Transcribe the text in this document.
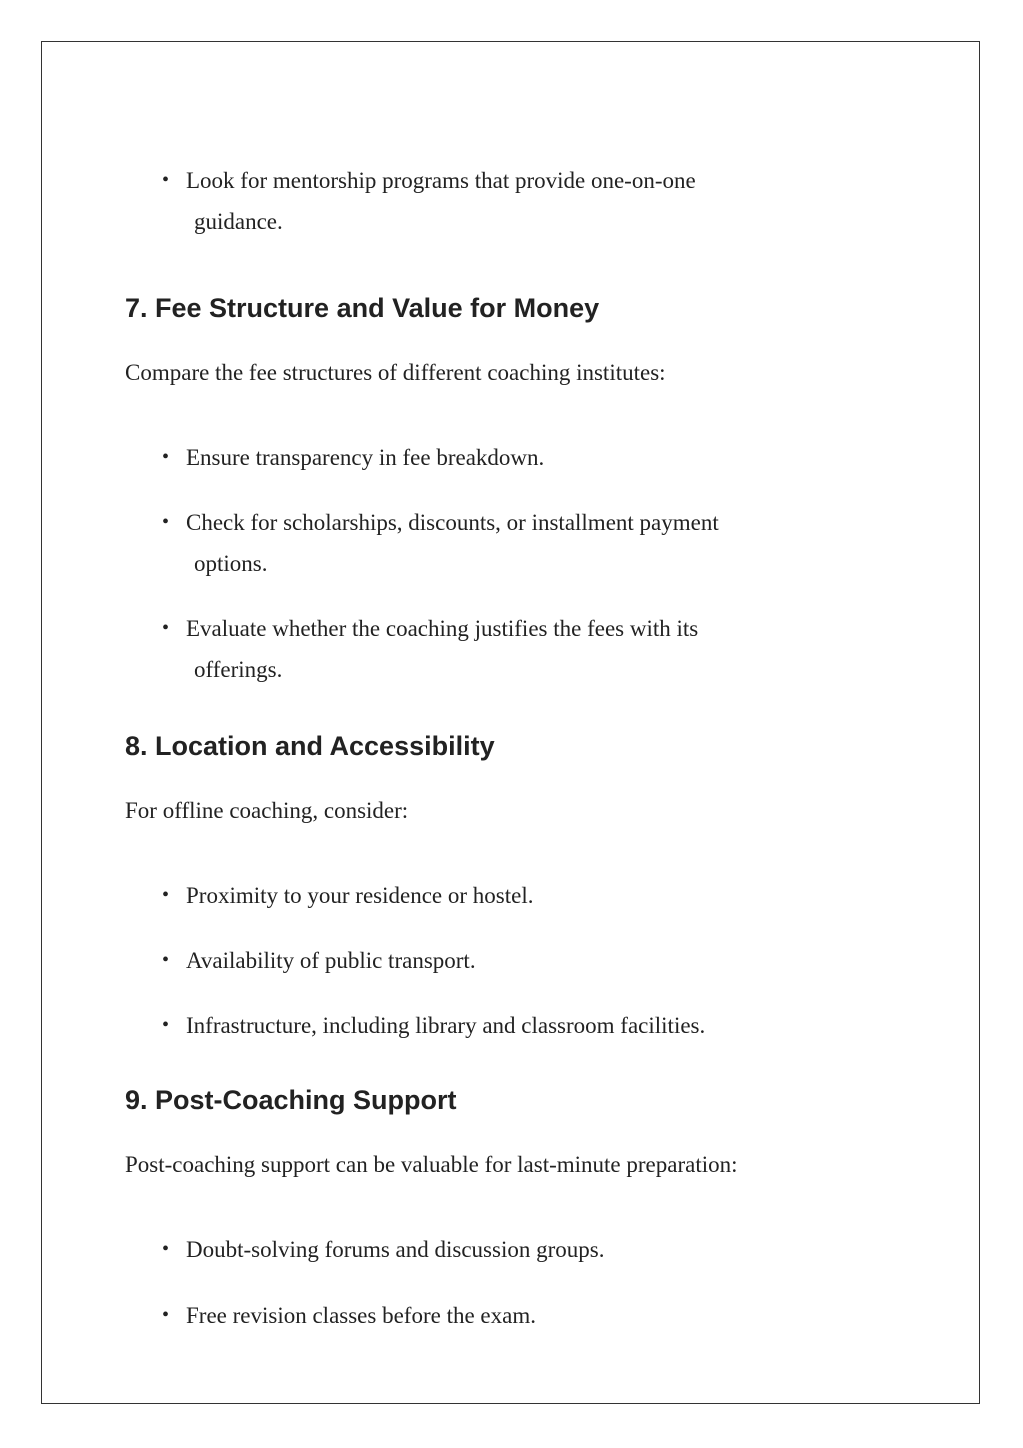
• Look for mentorship programs that provide one-on-one
guidance.
7. Fee Structure and Value for Money

Compare the fee structures of different coaching institutes:

• Ensure transparency in fee breakdown.
• Check for scholarships, discounts, or installment payment
options.
• Evaluate whether the coaching justifies the fees with its
offerings.
8. Location and Accessibility

For offline coaching, consider:

• Proximity to your residence or hostel.
• Availability of public transport.
• Infrastructure, including library and classroom facilities.
9. Post-Coaching Support

Post-coaching support can be valuable for last-minute preparation:

• Doubt-solving forums and discussion groups.
• Free revision classes before the exam.
